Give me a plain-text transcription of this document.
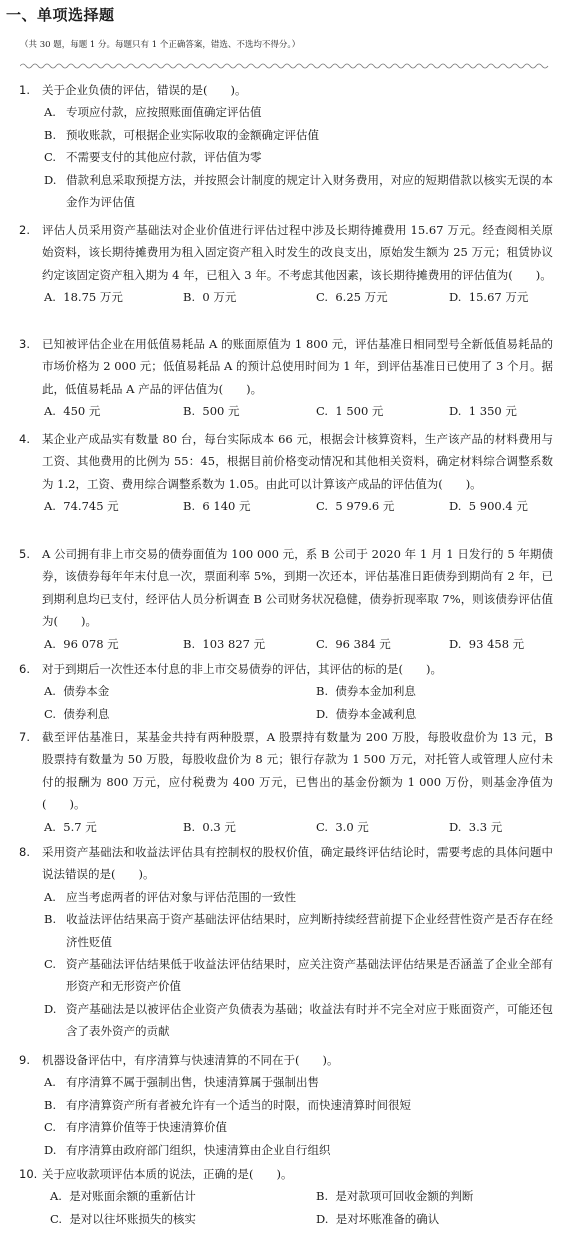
一、单项选择题
（共 30 题，每题 1 分。每题只有 1 个正确答案，错选、不选均不得分。）
1. 关于企业负债的评估，错误的是(　　)。
A. 专项应付款，应按照账面值确定评估值
B. 预收账款，可根据企业实际收取的金额确定评估值
C. 不需要支付的其他应付款，评估值为零
D. 借款利息采取预提方法，并按照会计制度的规定计入财务费用，对应的短期借款以核实无误的本金作为评估值
2. 评估人员采用资产基础法对企业价值进行评估过程中涉及长期待摊费用 15.67 万元。经查阅相关原始资料，该长期待摊费用为租入固定资产租入时发生的改良支出，原始发生额为 25 万元；租赁协议约定该固定资产租入期为 4 年，已租入 3 年。不考虑其他因素，该长期待摊费用的评估值为(　　)。
A. 18.75 万元	B. 0 万元	C. 6.25 万元	D. 15.67 万元
3. 已知被评估企业在用低值易耗品 A 的账面原值为 1 800 元，评估基准日相同型号全新低值易耗品的市场价格为 2 000 元；低值易耗品 A 的预计总使用时间为 1 年，到评估基准日已使用了 3 个月。据此，低值易耗品 A 产品的评估值为(　　)。
A. 450 元	B. 500 元	C. 1 500 元	D. 1 350 元
4. 某企业产成品实有数量 80 台，每台实际成本 66 元，根据会计核算资料，生产该产品的材料费用与工资、其他费用的比例为 55：45，根据目前价格变动情况和其他相关资料，确定材料综合调整系数为 1.2，工资、费用综合调整系数为 1.05。由此可以计算该产成品的评估值为(　　)。
A. 74.745 元	B. 6 140 元	C. 5 979.6 元	D. 5 900.4 元
5. A 公司拥有非上市交易的债券面值为 100 000 元，系 B 公司于 2020 年 1 月 1 日发行的 5 年期债券，该债券每年年末付息一次，票面利率 5%，到期一次还本，评估基准日距债券到期尚有 2 年，已到期利息均已支付，经评估人员分析调查 B 公司财务状况稳健，债券折现率取 7%，则该债券评估值为(　　)。
A. 96 078 元	B. 103 827 元	C. 96 384 元	D. 93 458 元
6. 对于到期后一次性还本付息的非上市交易债券的评估，其评估的标的是(　　)。
A. 债券本金	B. 债券本金加利息
C. 债券利息	D. 债券本金减利息
7. 截至评估基准日，某基金共持有两种股票，A 股票持有数量为 200 万股，每股收盘价为 13 元，B 股票持有数量为 50 万股，每股收盘价为 8 元；银行存款为 1 500 万元，对托管人或管理人应付未付的报酬为 800 万元，应付税费为 400 万元，已售出的基金份额为 1 000 万份，则基金净值为(　　)。
A. 5.7 元	B. 0.3 元	C. 3.0 元	D. 3.3 元
8. 采用资产基础法和收益法评估具有控制权的股权价值，确定最终评估结论时，需要考虑的具体问题中说法错误的是(　　)。
A. 应当考虑两者的评估对象与评估范围的一致性
B. 收益法评估结果高于资产基础法评估结果时，应判断持续经营前提下企业经营性资产是否存在经济性贬值
C. 资产基础法评估结果低于收益法评估结果时，应关注资产基础法评估结果是否涵盖了企业全部有形资产和无形资产价值
D. 资产基础法是以被评估企业资产负债表为基础；收益法有时并不完全对应于账面资产，可能还包含了表外资产的贡献
9. 机器设备评估中，有序清算与快速清算的不同在于(　　)。
A. 有序清算不属于强制出售，快速清算属于强制出售
B. 有序清算资产所有者被允许有一个适当的时限，而快速清算时间很短
C. 有序清算价值等于快速清算价值
D. 有序清算由政府部门组织，快速清算由企业自行组织
10. 关于应收款项评估本质的说法，正确的是(　　)。
A. 是对账面余额的重新估计	B. 是对款项可回收金额的判断
C. 是对以往坏账损失的核实	D. 是对坏账准备的确认
